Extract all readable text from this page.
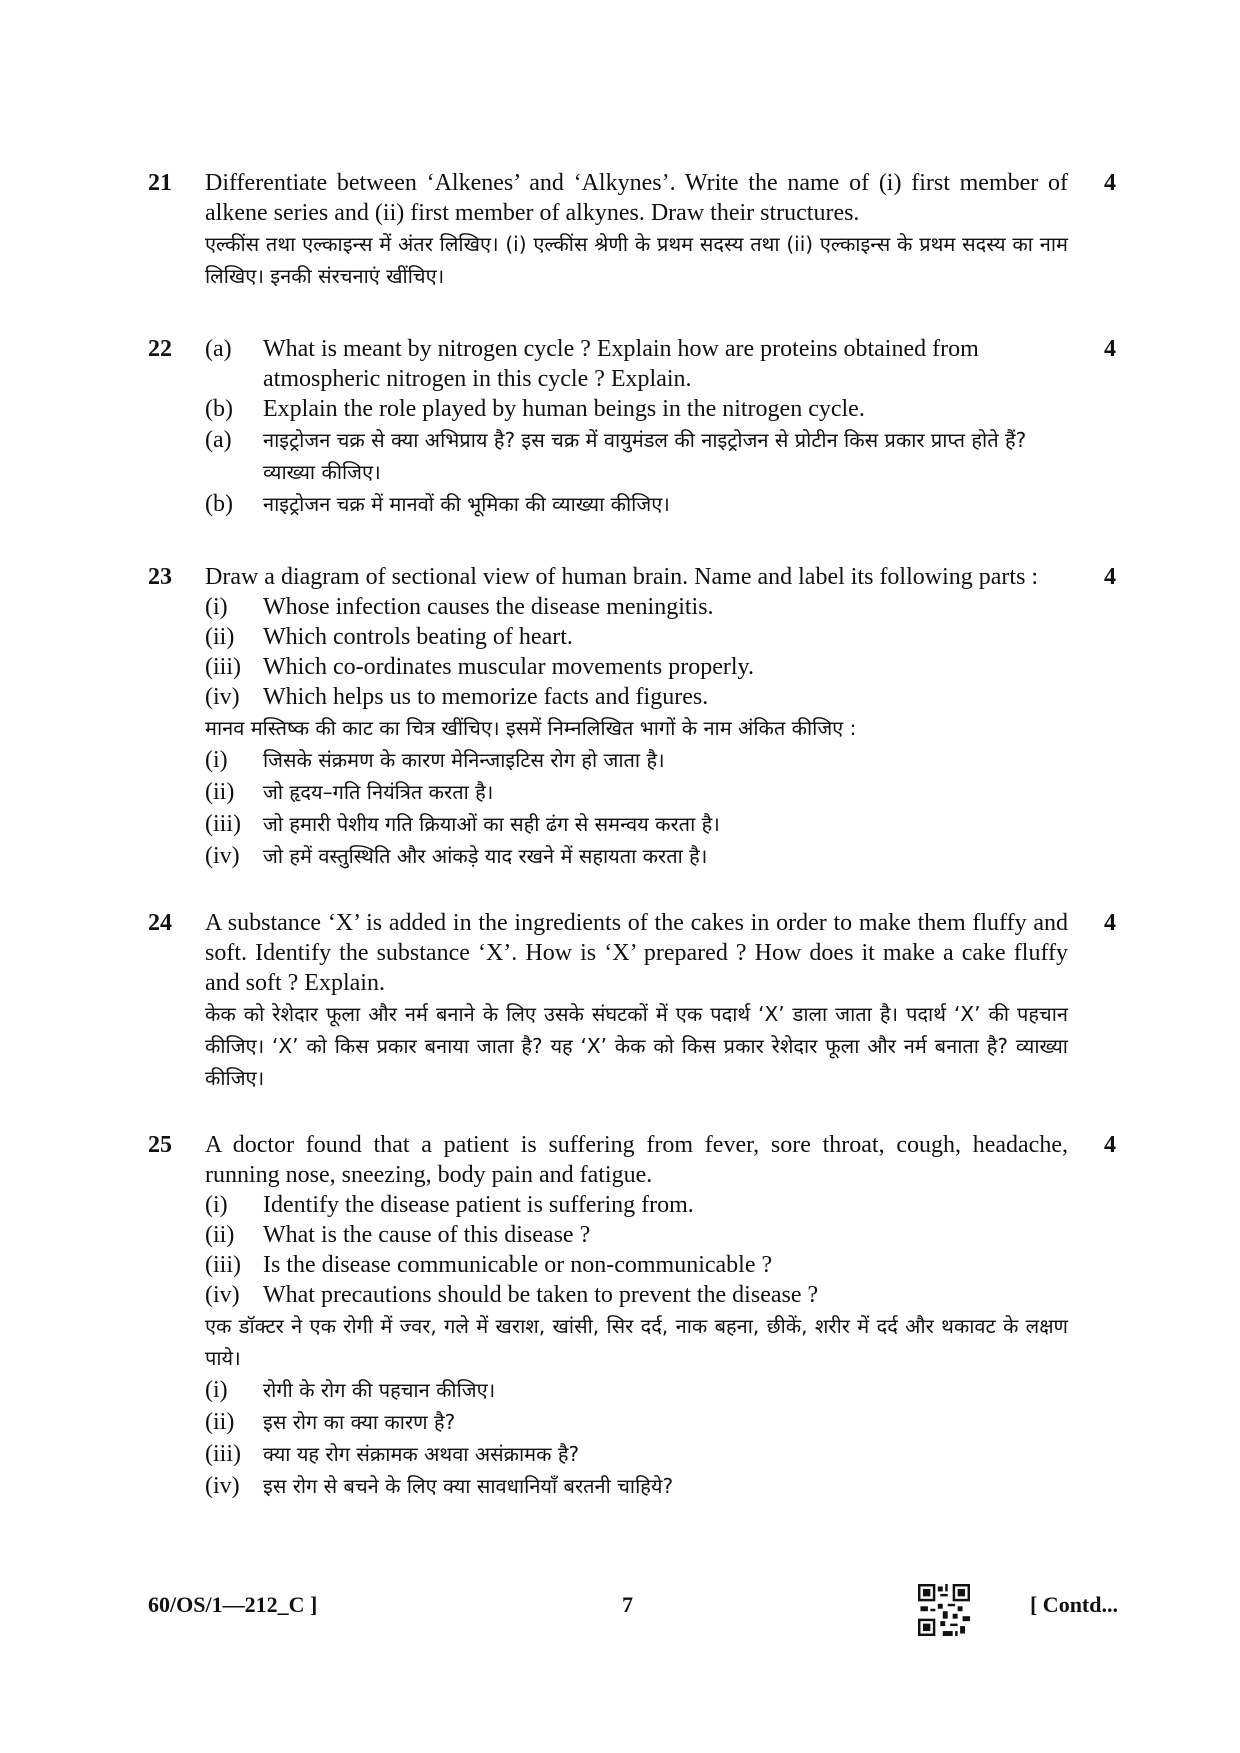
21	4

Differentiate between ‘Alkenes’ and ‘Alkynes’. Write the name of (i) first member of alkene series and (ii) first member of alkynes. Draw their structures.

एल्कींस तथा एल्काइन्स में अंतर लिखिए। (i) एल्कींस श्रेणी के प्रथम सदस्य तथा (ii) एल्काइन्स के प्रथम सदस्य का नाम लिखिए। इनकी संरचनाएं खींचिए।

22	4
(a) What is meant by nitrogen cycle ? Explain how are proteins obtained from atmospheric nitrogen in this cycle ? Explain.
(b) Explain the role played by human beings in the nitrogen cycle.
(a) नाइट्रोजन चक्र से क्या अभिप्राय है? इस चक्र में वायुमंडल की नाइट्रोजन से प्रोटीन किस प्रकार प्राप्त होते हैं? व्याख्या कीजिए।
(b) नाइट्रोजन चक्र में मानवों की भूमिका की व्याख्या कीजिए।
23	4

Draw a diagram of sectional view of human brain. Name and label its following parts :

(i) Whose infection causes the disease meningitis.
(ii) Which controls beating of heart.
(iii) Which co-ordinates muscular movements properly.
(iv) Which helps us to memorize facts and figures.

मानव मस्तिष्क की काट का चित्र खींचिए। इसमें निम्नलिखित भागों के नाम अंकित कीजिए :

(i) जिसके संक्रमण के कारण मेनिन्जाइटिस रोग हो जाता है।
(ii) जो हृदय–गति नियंत्रित करता है।
(iii) जो हमारी पेशीय गति क्रियाओं का सही ढंग से समन्वय करता है।
(iv) जो हमें वस्तुस्थिति और आंकड़े याद रखने में सहायता करता है।
24	4

A substance ‘X’ is added in the ingredients of the cakes in order to make them fluffy and soft. Identify the substance ‘X’. How is ‘X’ prepared ? How does it make a cake fluffy and soft ? Explain.

केक को रेशेदार फूला और नर्म बनाने के लिए उसके संघटकों में एक पदार्थ ‘X’ डाला जाता है। पदार्थ ‘X’ की पहचान कीजिए। ‘X’ को किस प्रकार बनाया जाता है? यह ‘X’ केक को किस प्रकार रेशेदार फूला और नर्म बनाता है? व्याख्या कीजिए।

25	4

A doctor found that a patient is suffering from fever, sore throat, cough, headache, running nose, sneezing, body pain and fatigue.

(i) Identify the disease patient is suffering from.
(ii) What is the cause of this disease ?
(iii) Is the disease communicable or non-communicable ?
(iv) What precautions should be taken to prevent the disease ?

एक डॉक्टर ने एक रोगी में ज्वर, गले में खराश, खांसी, सिर दर्द, नाक बहना, छीकें, शरीर में दर्द और थकावट के लक्षण पाये।

(i) रोगी के रोग की पहचान कीजिए।
(ii) इस रोग का क्या कारण है?
(iii) क्या यह रोग संक्रामक अथवा असंक्रामक है?
(iv) इस रोग से बचने के लिए क्या सावधानियाँ बरतनी चाहिये?
60/OS/1—212_C ]	7	[ Contd...
